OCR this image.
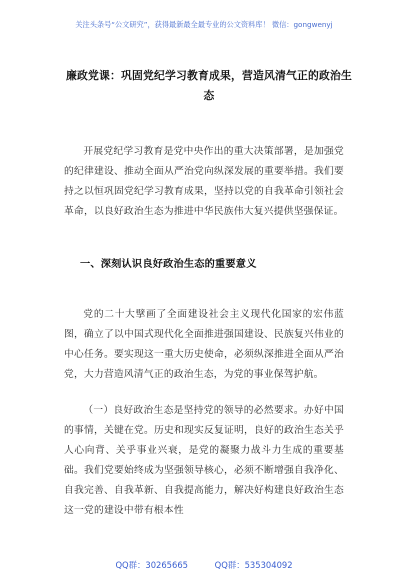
关注头条号“公文研究”，获得最新最全最专业的公文资料库！ 微信：gongwenyj
廉政党课：巩固党纪学习教育成果，营造风清气正的政治生态
开展党纪学习教育是党中央作出的重大决策部署，是加强党的纪律建设、推动全面从严治党向纵深发展的重要举措。我们要持之以恒巩固党纪学习教育成果，坚持以党的自我革命引领社会革命，以良好政治生态为推进中华民族伟大复兴提供坚强保证。
一、深刻认识良好政治生态的重要意义
党的二十大擘画了全面建设社会主义现代化国家的宏伟蓝图，确立了以中国式现代化全面推进强国建设、民族复兴伟业的中心任务。要实现这一重大历史使命，必须纵深推进全面从严治党，大力营造风清气正的政治生态，为党的事业保驾护航。
（一）良好政治生态是坚持党的领导的必然要求。办好中国的事情，关键在党。历史和现实反复证明，良好的政治生态关乎人心向背、关乎事业兴衰，是党的凝聚力战斗力生成的重要基础。我们党要始终成为坚强领导核心，必须不断增强自我净化、自我完善、自我革新、自我提高能力，解决好构建良好政治生态这一党的建设中带有根本性
QQ群：30265665	QQ群：535304092
